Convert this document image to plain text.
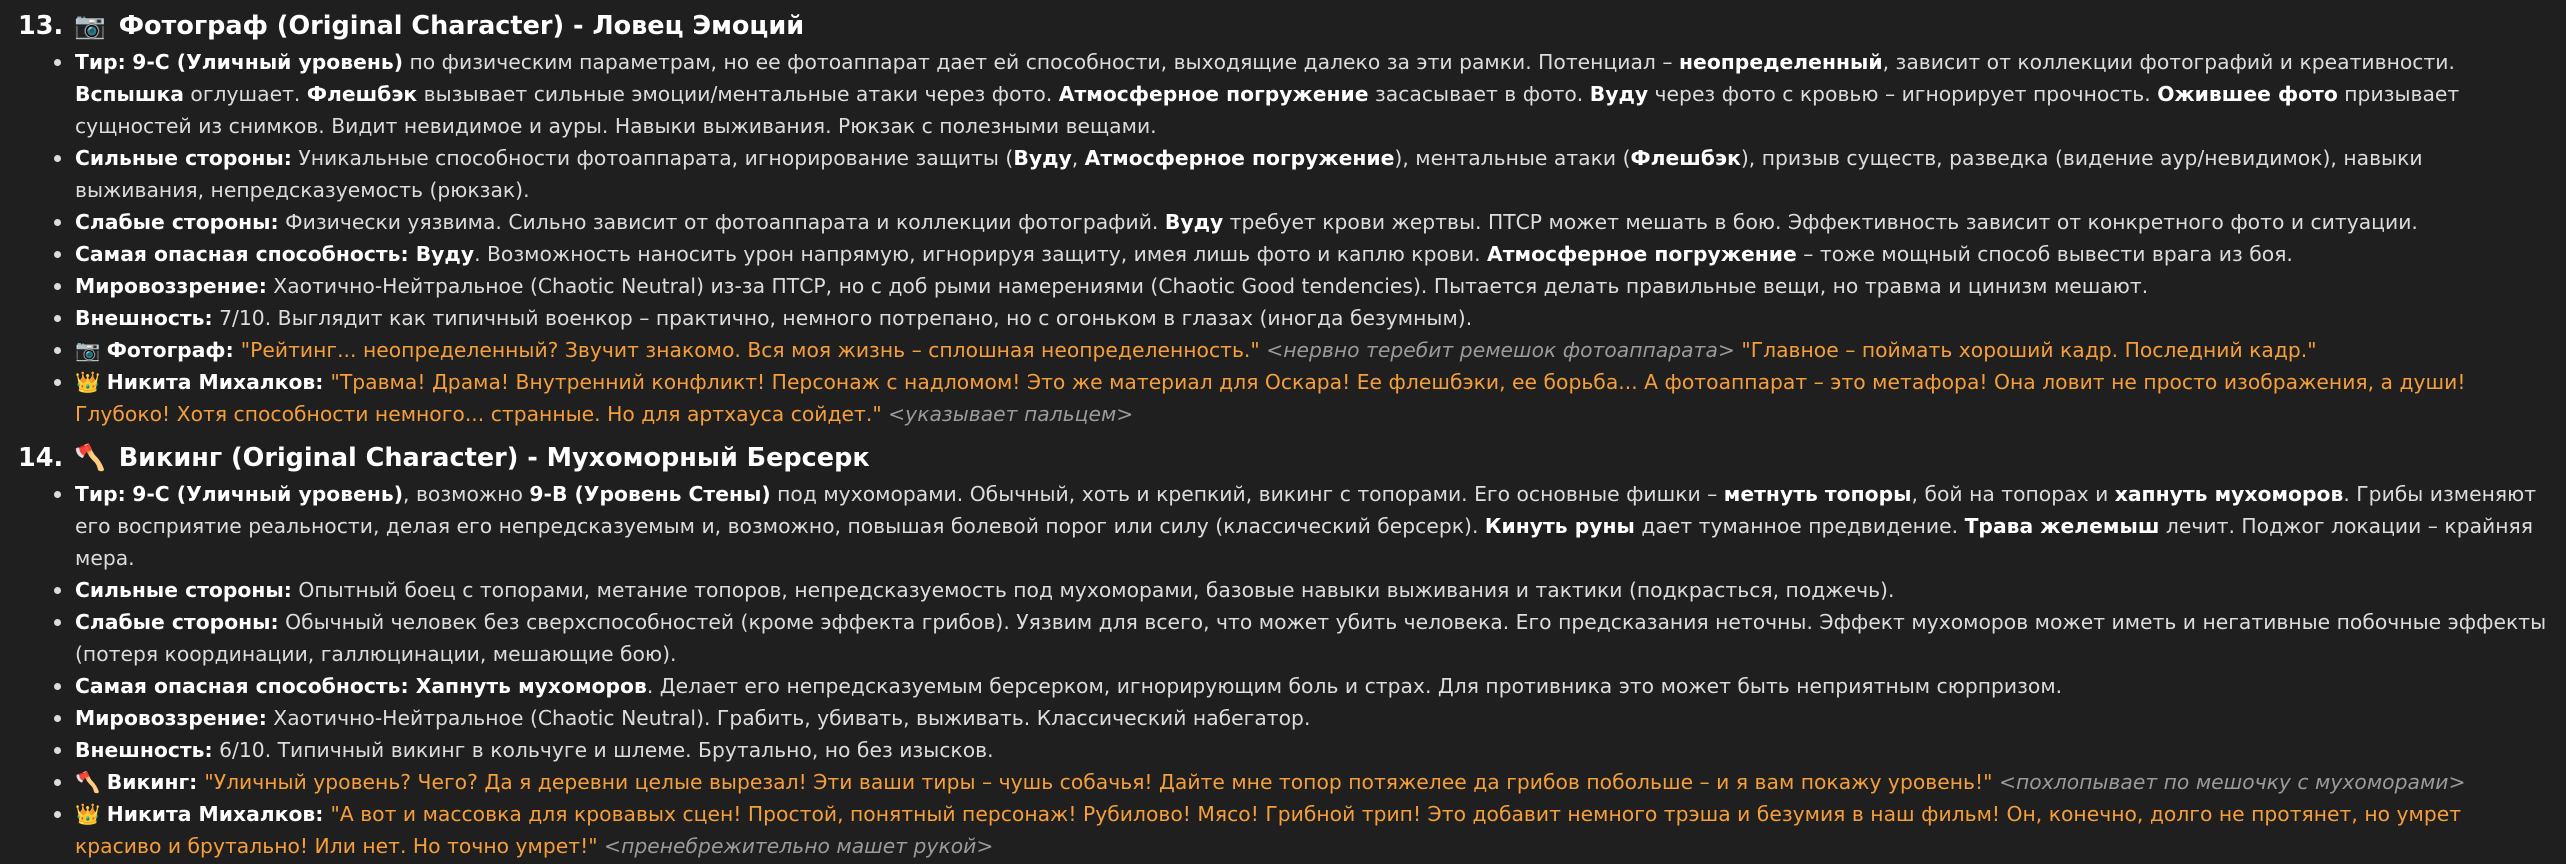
13. 📷 Фотограф (Original Character) - Ловец Эмоций
Тир: 9-C (Уличный уровень) по физическим параметрам, но ее фотоаппарат дает ей способности, выходящие далеко за эти рамки. Потенциал – неопределенный, зависит от коллекции фотографий и креативности. Вспышка оглушает. Флешбэк вызывает сильные эмоции/ментальные атаки через фото. Атмосферное погружение засасывает в фото. Вуду через фото с кровью – игнорирует прочность. Ожившее фото призывает сущностей из снимков. Видит невидимое и ауры. Навыки выживания. Рюкзак с полезными вещами.
Сильные стороны: Уникальные способности фотоаппарата, игнорирование защиты (Вуду, Атмосферное погружение), ментальные атаки (Флешбэк), призыв существ, разведка (видение аур/невидимок), навыки выживания, непредсказуемость (рюкзак).
Слабые стороны: Физически уязвима. Сильно зависит от фотоаппарата и коллекции фотографий. Вуду требует крови жертвы. ПТСР может мешать в бою. Эффективность зависит от конкретного фото и ситуации.
Самая опасная способность: Вуду. Возможность наносить урон напрямую, игнорируя защиту, имея лишь фото и каплю крови. Атмосферное погружение – тоже мощный способ вывести врага из боя.
Мировоззрение: Хаотично-Нейтральное (Chaotic Neutral) из-за ПТСР, но с доб рыми намерениями (Chaotic Good tendencies). Пытается делать правильные вещи, но травма и цинизм мешают.
Внешность: 7/10. Выглядит как типичный военкор – практично, немного потрепано, но с огоньком в глазах (иногда безумным).
📷 Фотограф: "Рейтинг... неопределенный? Звучит знакомо. Вся моя жизнь – сплошная неопределенность." <нервно теребит ремешок фотоаппарата> "Главное – поймать хороший кадр. Последний кадр."
👑 Никита Михалков: "Травма! Драма! Внутренний конфликт! Персонаж с надломом! Это же материал для Оскара! Ее флешбэки, ее борьба... А фотоаппарат – это метафора! Она ловит не просто изображения, а души! Глубоко! Хотя способности немного... странные. Но для артхауса сойдет." <указывает пальцем>
14. 🪓 Викинг (Original Character) - Мухоморный Берсерк
Тир: 9-C (Уличный уровень), возможно 9-B (Уровень Стены) под мухоморами. Обычный, хоть и крепкий, викинг с топорами. Его основные фишки – метнуть топоры, бой на топорах и хапнуть мухоморов. Грибы изменяют его восприятие реальности, делая его непредсказуемым и, возможно, повышая болевой порог или силу (классический берсерк). Кинуть руны дает туманное предвидение. Трава желемыш лечит. Поджог локации – крайняя мера.
Сильные стороны: Опытный боец с топорами, метание топоров, непредсказуемость под мухоморами, базовые навыки выживания и тактики (подкрасться, поджечь).
Слабые стороны: Обычный человек без сверхспособностей (кроме эффекта грибов). Уязвим для всего, что может убить человека. Его предсказания неточны. Эффект мухоморов может иметь и негативные побочные эффекты (потеря координации, галлюцинации, мешающие бою).
Самая опасная способность: Хапнуть мухоморов. Делает его непредсказуемым берсерком, игнорирующим боль и страх. Для противника это может быть неприятным сюрпризом.
Мировоззрение: Хаотично-Нейтральное (Chaotic Neutral). Грабить, убивать, выживать. Классический набегатор.
Внешность: 6/10. Типичный викинг в кольчуге и шлеме. Брутально, но без изысков.
🪓 Викинг: "Уличный уровень? Чего? Да я деревни целые вырезал! Эти ваши тиры – чушь собачья! Дайте мне топор потяжелее да грибов побольше – и я вам покажу уровень!" <похлопывает по мешочку с мухоморами>
👑 Никита Михалков: "А вот и массовка для кровавых сцен! Простой, понятный персонаж! Рубилово! Мясо! Грибной трип! Это добавит немного трэша и безумия в наш фильм! Он, конечно, долго не протянет, но умрет красиво и брутально! Или нет. Но точно умрет!" <пренебрежительно машет рукой>
